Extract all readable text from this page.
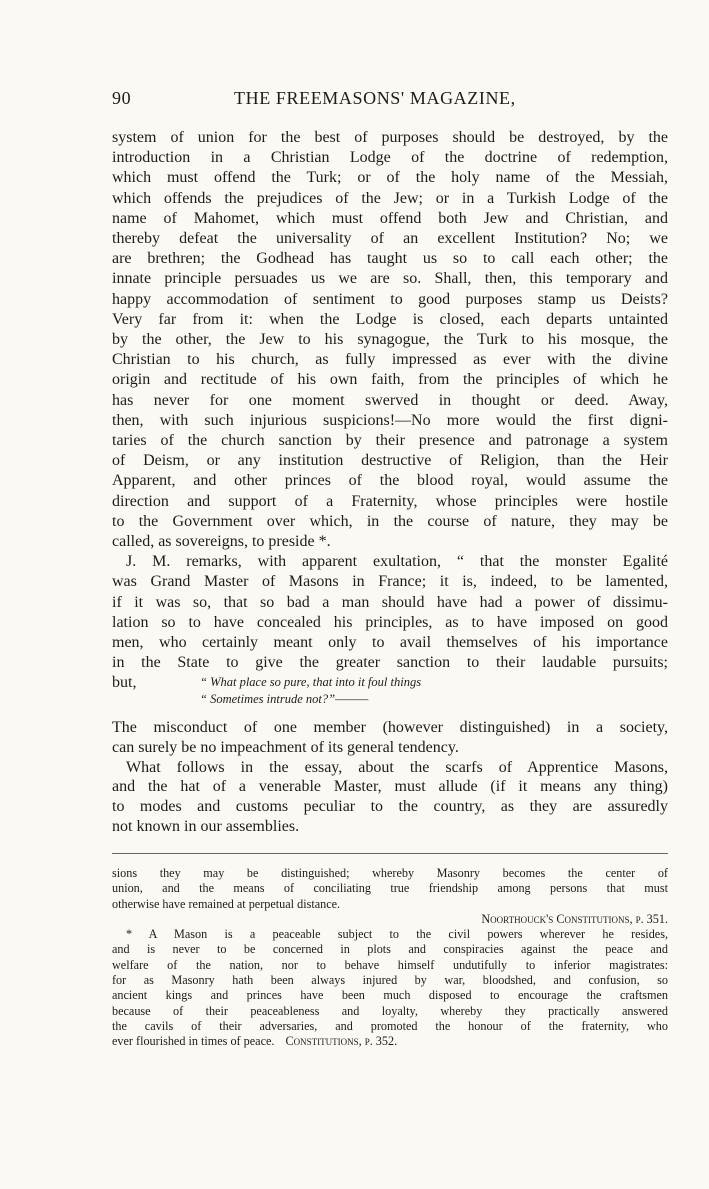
90	THE FREEMASONS' MAGAZINE,
system of union for the best of purposes should be destroyed, by the
introduction in a Christian Lodge of the doctrine of redemption,
which must offend the Turk; or of the holy name of the Messiah,
which offends the prejudices of the Jew; or in a Turkish Lodge of the
name of Mahomet, which must offend both Jew and Christian, and
thereby defeat the universality of an excellent Institution? No; we
are brethren; the Godhead has taught us so to call each other; the
innate principle persuades us we are so. Shall, then, this temporary and
happy accommodation of sentiment to good purposes stamp us Deists?
Very far from it: when the Lodge is closed, each departs untainted
by the other, the Jew to his synagogue, the Turk to his mosque, the
Christian to his church, as fully impressed as ever with the divine
origin and rectitude of his own faith, from the principles of which he
has never for one moment swerved in thought or deed. Away,
then, with such injurious suspicions!—No more would the first digni-
taries of the church sanction by their presence and patronage a system
of Deism, or any institution destructive of Religion, than the Heir
Apparent, and other princes of the blood royal, would assume the
direction and support of a Fraternity, whose principles were hostile
to the Government over which, in the course of nature, they may be
called, as sovereigns, to preside *.
J. M. remarks, with apparent exultation, “ that the monster Egalité
was Grand Master of Masons in France; it is, indeed, to be lamented,
if it was so, that so bad a man should have had a power of dissimu-
lation so to have concealed his principles, as to have imposed on good
men, who certainly meant only to avail themselves of his importance
in the State to give the greater sanction to their laudable pursuits;
but,	“ What place so pure, that into it foul things
“ Sometimes intrude not?”———
The misconduct of one member (however distinguished) in a society,
can surely be no impeachment of its general tendency.
What follows in the essay, about the scarfs of Apprentice Masons,
and the hat of a venerable Master, must allude (if it means any thing)
to modes and customs peculiar to the country, as they are assuredly
not known in our assemblies.
sions they may be distinguished; whereby Masonry becomes the center of
union, and the means of conciliating true friendship among persons that must
otherwise have remained at perpetual distance.
Noorthouck's Constitutions, p. 351.
* A Mason is a peaceable subject to the civil powers wherever he resides,
and is never to be concerned in plots and conspiracies against the peace and
welfare of the nation, nor to behave himself undutifully to inferior magistrates:
for as Masonry hath been always injured by war, bloodshed, and confusion, so
ancient kings and princes have been much disposed to encourage the craftsmen
because of their peaceableness and loyalty, whereby they practically answered
the cavils of their adversaries, and promoted the honour of the fraternity, who
ever flourished in times of peace. Constitutions, p. 352.
